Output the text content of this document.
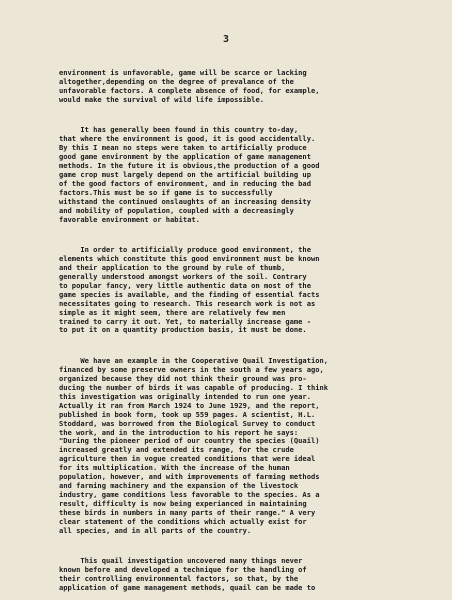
3

environment is unfavorable, game will be scarce or lacking
altogether,depending on the degree of prevalance of the
unfavorable factors. A complete absence of food, for example,
would make the survival of wild life impossible.

It has generally been found in this country to-day,
that where the environment is good, it is good accidentally.
By this I mean no steps were taken to artificially produce
good game environment by the application of game management
methods. In the future it is obvious,the production of a good
game crop must largely depend on the artificial building up
of the good factors of environment, and in reducing the bad
factors.This must be so if game is to successfully
withstand the continued onslaughts of an increasing density
and mobility of population, coupled with a decreasingly
favorable environment or habitat.

In order to artificially produce good environment, the
elements which constitute this good environment must be known
and their application to the ground by rule of thumb,
generally understood amongst workers of the soil. Contrary
to popular fancy, very little authentic data on most of the
game species is available, and the finding of essential facts
necessitates going to research. This research work is not as
simple as it might seem, there are relatively few men
trained to carry it out. Yet, to materially increase game -
to put it on a quantity production basis, it must be done.

We have an example in the Cooperative Quail Investigation,
financed by some preserve owners in the south a few years ago,
organized because they did not think their ground was pro-
ducing the number of birds it was capable of producing. I think
this investigation was originally intended to run one year.
Actually it ran from March 1924 to June 1929, and the report,
published in book form, took up 559 pages. A scientist, H.L.
Stoddard, was borrowed from the Biological Survey to conduct
the work, and in the introduction to his report he says:
"During the pioneer period of our country the species (Quail)
increased greatly and extended its range, for the crude
agriculture then in vogue created conditions that were ideal
for its multiplication. With the increase of the human
population, however, and with improvements of farming methods
and farming machinery and the expansion of the livestock
industry, game conditions less favorable to the species. As a
result, difficulty is now being experianced in maintaining
these birds in numbers in many parts of their range." A very
clear statement of the conditions which actually exist for
all species, and in all parts of the country.

This quail investigation uncovered many things never
known before and developed a technique for the handling of
their controlling environmental factors, so that, by the
application of game management methods, quail can be made to
